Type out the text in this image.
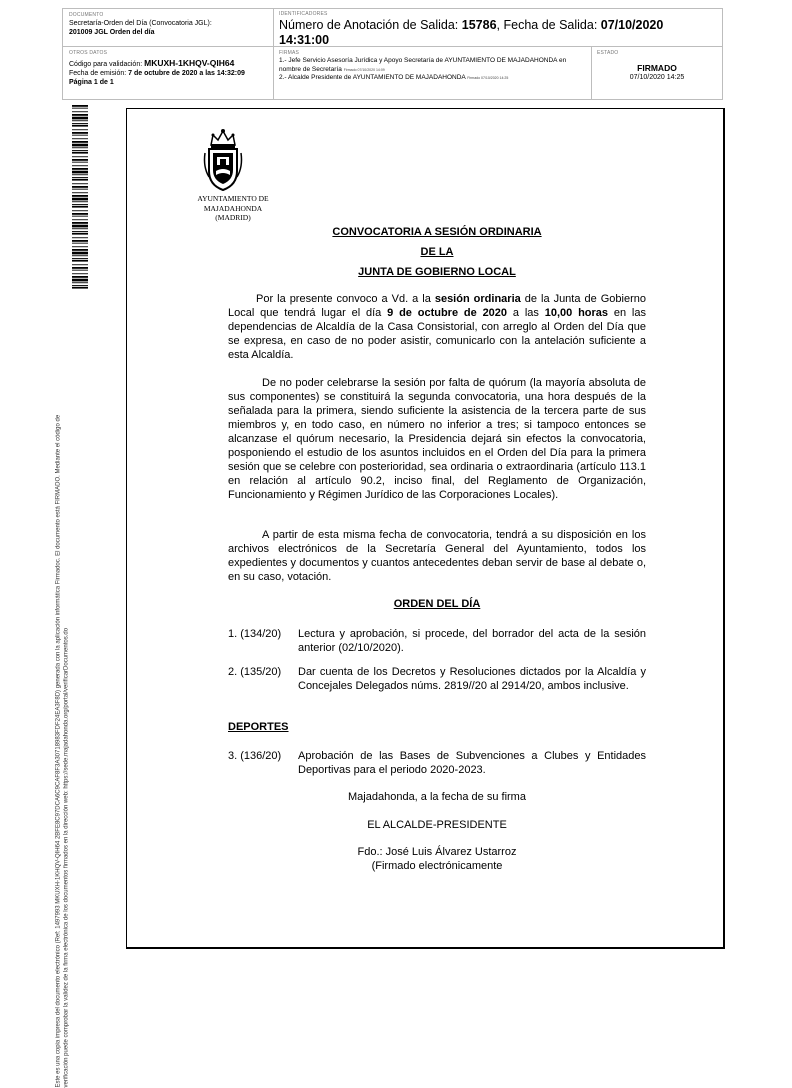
DOCUMENTO
Secretaría-Orden del Día (Convocatoria JGL):
201009 JGL Orden del día
IDENTIFICADORES
Número de Anotación de Salida: 15786, Fecha de Salida: 07/10/2020
14:31:00
OTROS DATOS
Código para validación: MKUXH-1KHQV-QIH64
Fecha de emisión: 7 de octubre de 2020 a las 14:32:09
Página 1 de 1
FIRMAS
1.- Jefe Servicio Asesoría Jurídica y Apoyo Secretaría de AYUNTAMIENTO DE MAJADAHONDA en nombre de Secretaría Firmado 07/10/2020 14:09
2.- Alcalde Presidente de AYUNTAMIENTO DE MAJADAHONDA Firmado 07/10/2020 14:25
ESTADO
FIRMADO
07/10/2020 14:25
Este es una copia impresa del documento electrónico (Ref: 1497993 MKUXH-1KHQV-QIH64 2BFE8C97DCA6C9CAF8F3A30718983FDF24EA3F8D) generada con la aplicación informática Firmadoc. El documento está FIRMADO. Mediante el código de verificación puede comprobar la validez de la firma electrónica de los documentos firmados en la dirección web: https://sede.majadahonda.org/portal/verificarDocumentos.do
AYUNTAMIENTO DE
MAJADAHONDA
(MADRID)
CONVOCATORIA A SESIÓN ORDINARIA
DE LA
JUNTA DE GOBIERNO LOCAL

Por la presente convoco a Vd. a la sesión ordinaria de la Junta de Gobierno Local que tendrá lugar el día 9 de octubre de 2020 a las 10,00 horas en las dependencias de Alcaldía de la Casa Consistorial, con arreglo al Orden del Día que se expresa, en caso de no poder asistir, comunicarlo con la antelación suficiente a esta Alcaldía.

De no poder celebrarse la sesión por falta de quórum (la mayoría absoluta de sus componentes) se constituirá la segunda convocatoria, una hora después de la señalada para la primera, siendo suficiente la asistencia de la tercera parte de sus miembros y, en todo caso, en número no inferior a tres; si tampoco entonces se alcanzase el quórum necesario, la Presidencia dejará sin efectos la convocatoria, posponiendo el estudio de los asuntos incluidos en el Orden del Día para la primera sesión que se celebre con posterioridad, sea ordinaria o extraordinaria (artículo 113.1 en relación al artículo 90.2, inciso final, del Reglamento de Organización, Funcionamiento y Régimen Jurídico de las Corporaciones Locales).

A partir de esta misma fecha de convocatoria, tendrá a su disposición en los archivos electrónicos de la Secretaría General del Ayuntamiento, todos los expedientes y documentos y cuantos antecedentes deban servir de base al debate o, en su caso, votación.

ORDEN DEL DÍA
1. (134/20)	Lectura y aprobación, si procede, del borrador del acta de la sesión anterior (02/10/2020).
2. (135/20)	Dar cuenta de los Decretos y Resoluciones dictados por la Alcaldía y Concejales Delegados núms. 2819//20 al 2914/20, ambos inclusive.
DEPORTES
3. (136/20)	Aprobación de las Bases de Subvenciones a Clubes y Entidades Deportivas para el periodo 2020-2023.
Majadahonda, a la fecha de su firma
EL ALCALDE-PRESIDENTE
Fdo.: José Luis Álvarez Ustarroz
(Firmado electrónicamente
